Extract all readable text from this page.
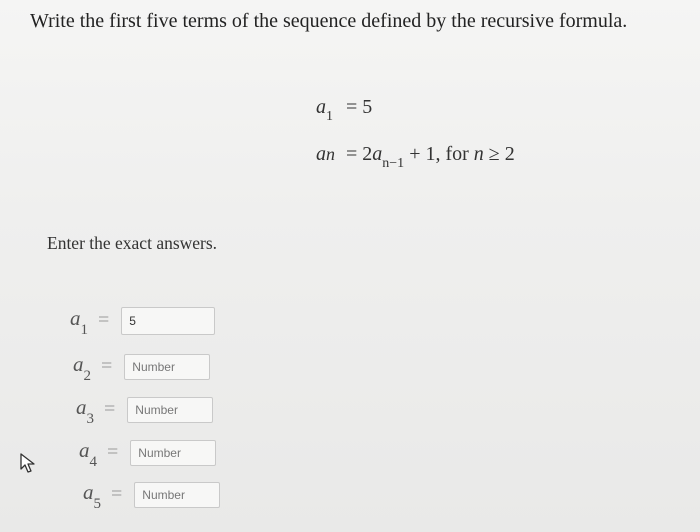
Write the first five terms of the sequence defined by the recursive formula.
$a_1 = 5$
an = $2a_{n-1} + 1$, for n ≥ 2
Enter the exact answers.
$a_1$ =
5
$a_2$ =
Number
$a_3$ =
Number
$a_4$ =
Number
$a_5$ =
Number
